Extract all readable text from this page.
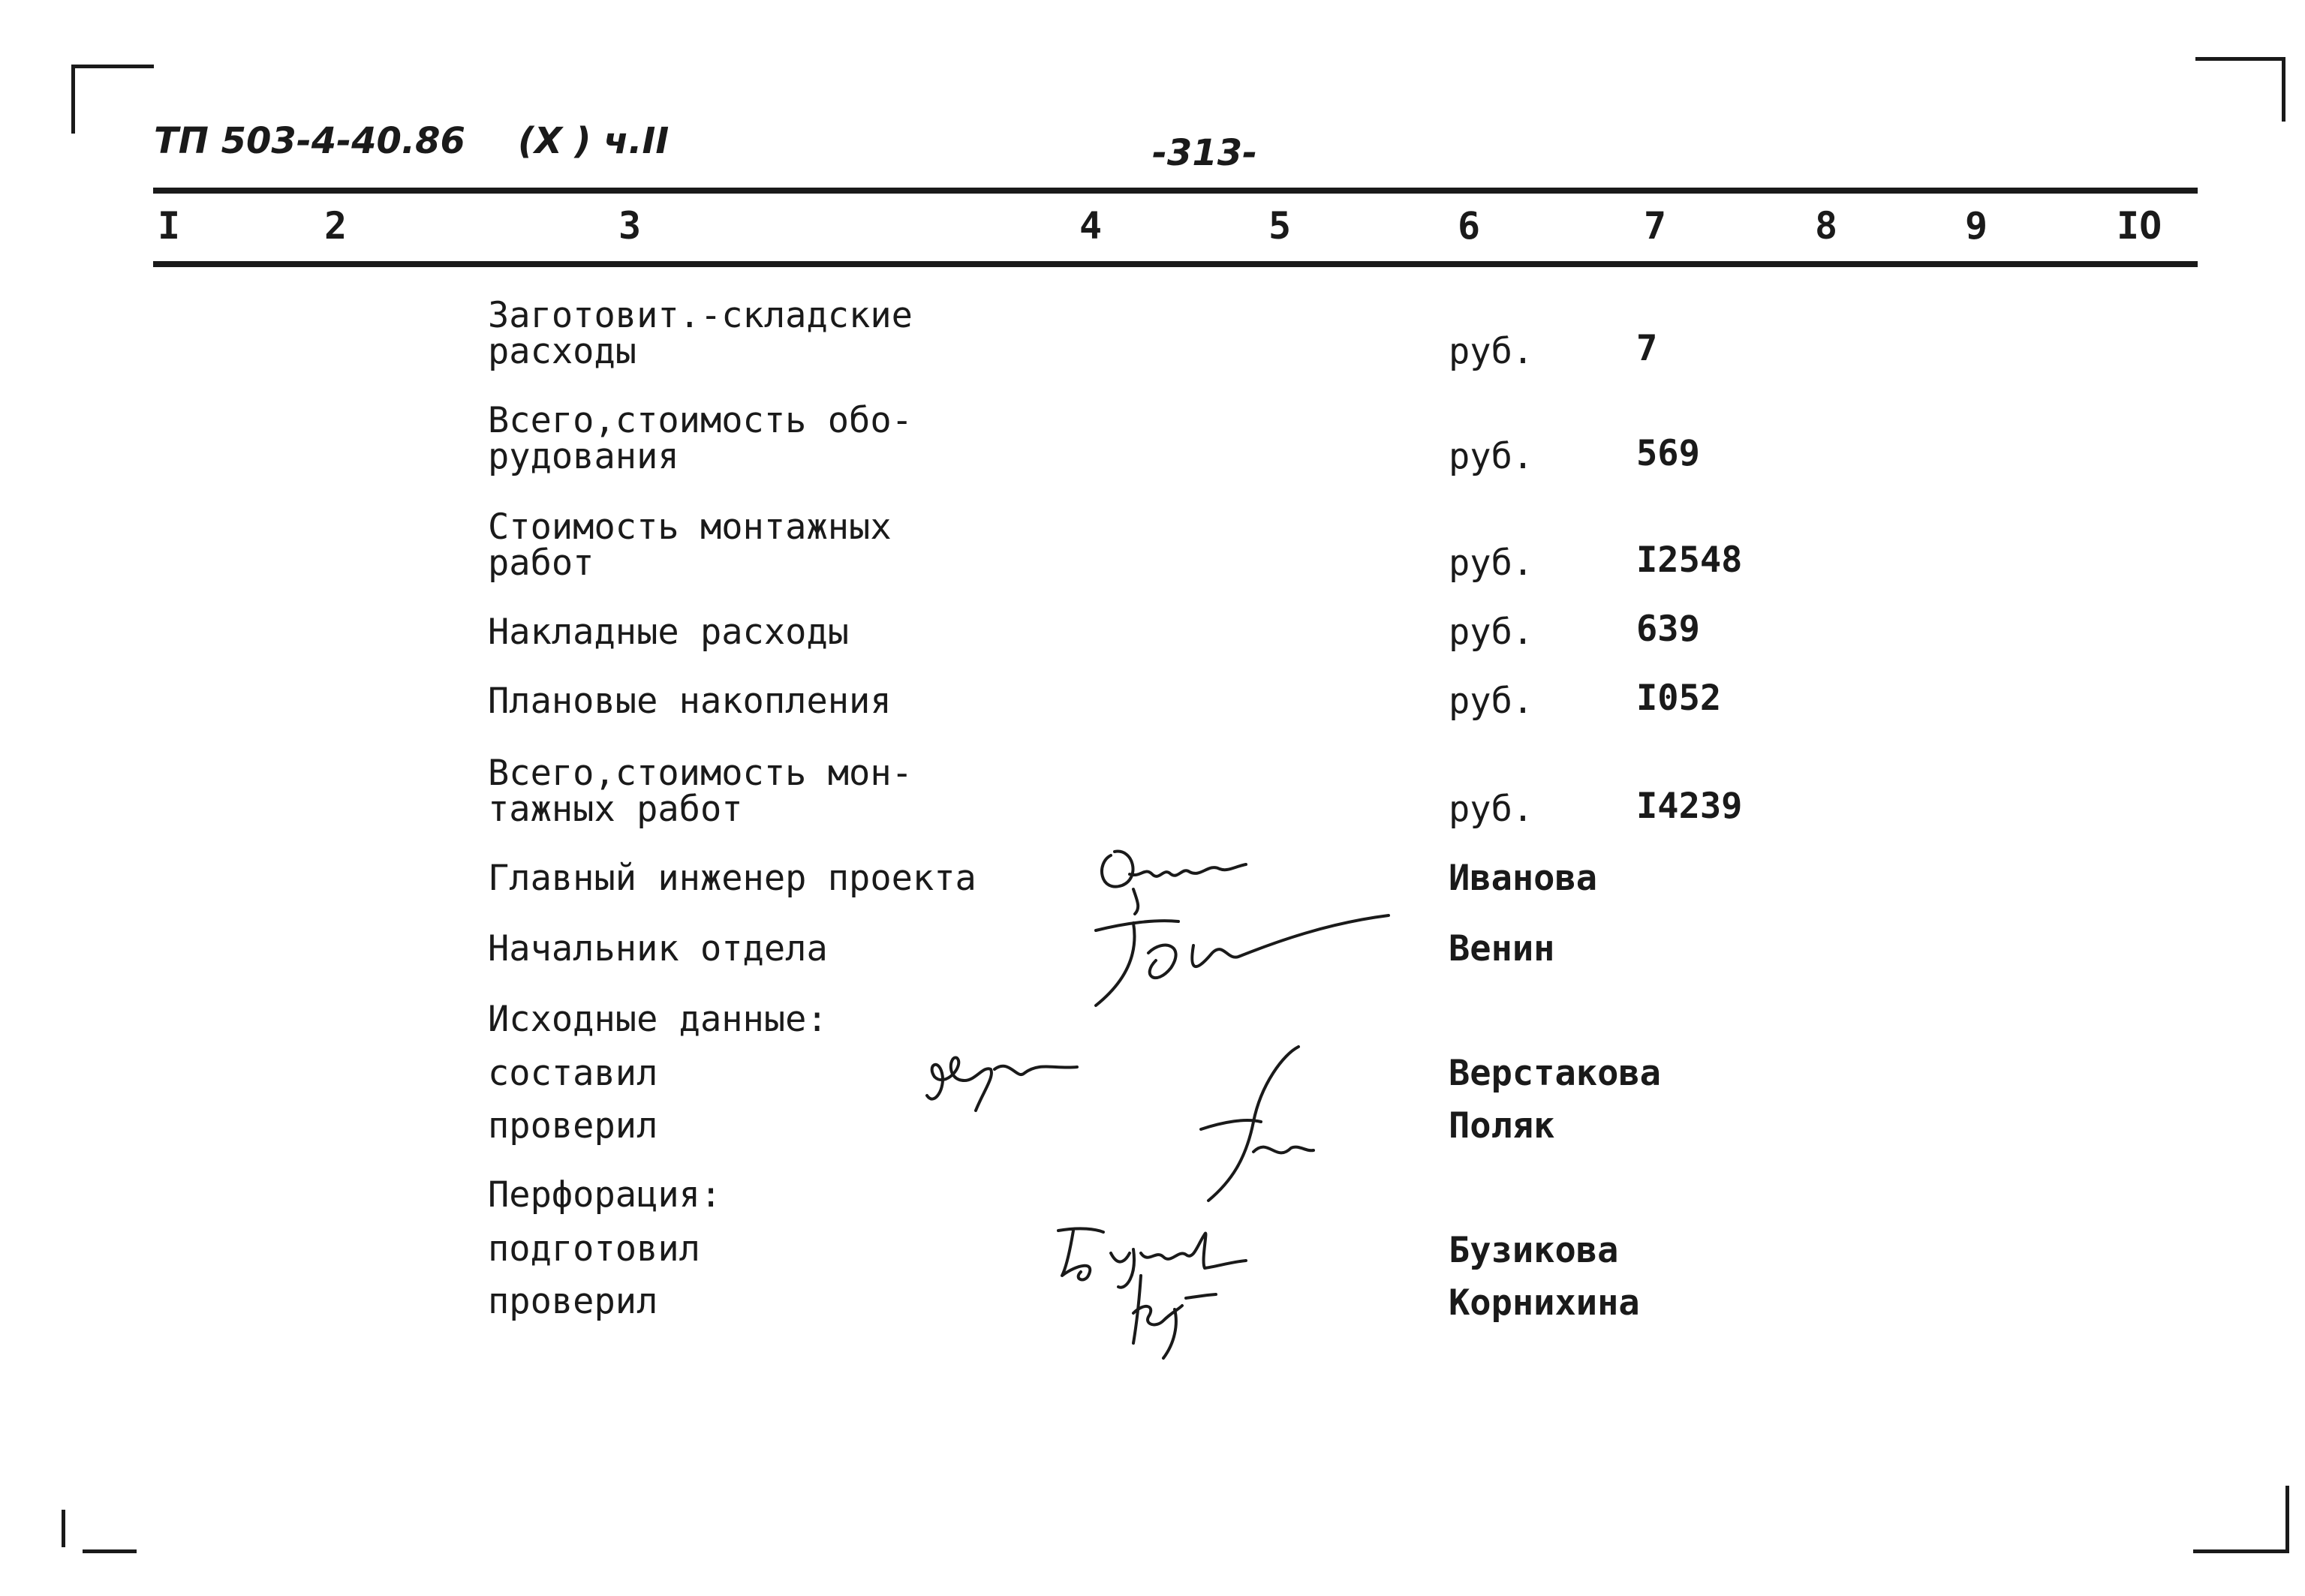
ТП 503-4-40.86 (X ) ч.II	-313-
I	2	3	4	5	6	7	8	9	IO
Заготовит.-складские
расходы	руб.	7
Всего,стоимость обо-
рудования	руб.	569
Стоимость монтажных
работ	руб.	I2548
Накладные расходы	руб.	639
Плановые накопления	руб.	I052
Всего,стоимость мон-
тажных работ	руб.	I4239
Главный инженер проекта	Иванова
Начальник отдела	Венин
Исходные данные:
составил	Верстакова
проверил	Поляк
Перфорация:
подготовил	Бузикова
проверил	Корнихина
